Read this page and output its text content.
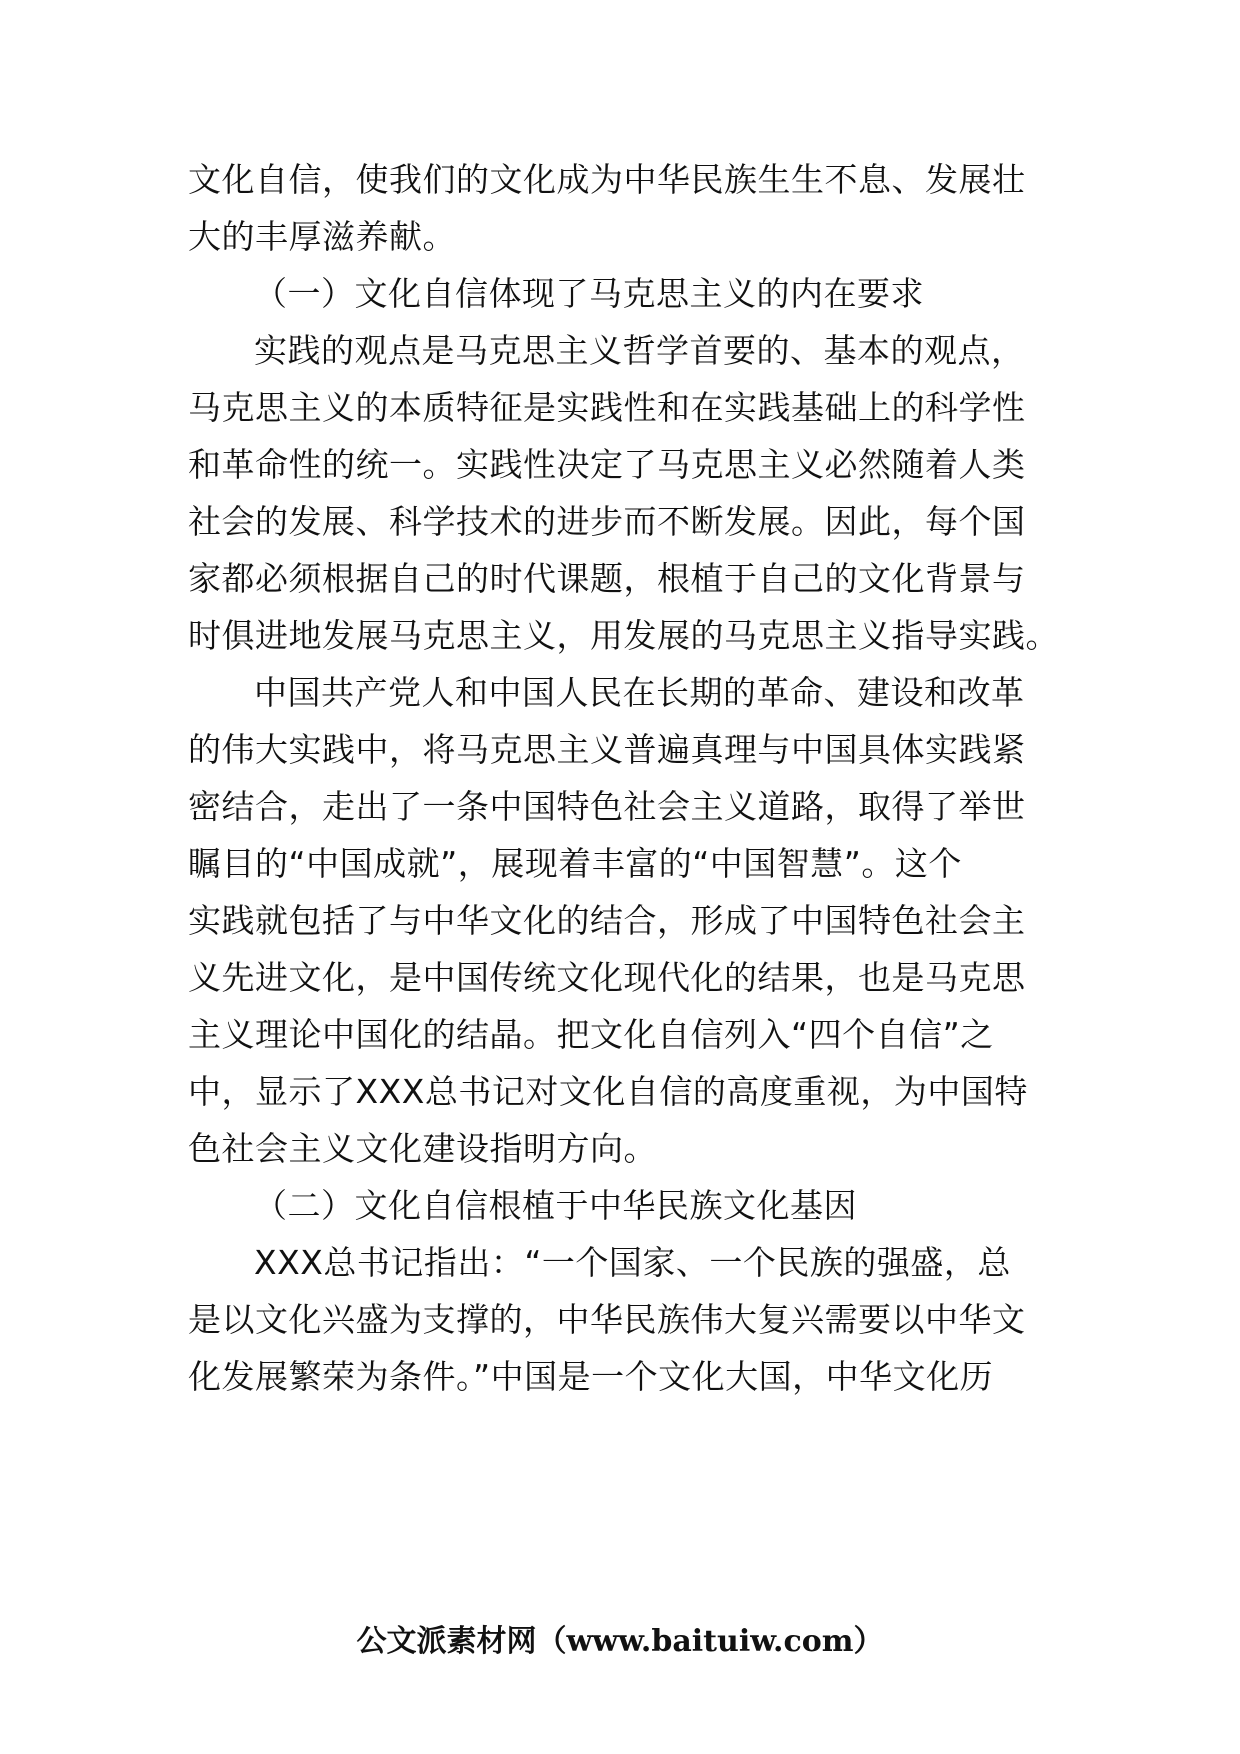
文化自信，使我们的文化成为中华民族生生不息、发展壮
大的丰厚滋养献。
（一）文化自信体现了马克思主义的内在要求
实践的观点是马克思主义哲学首要的、基本的观点，
马克思主义的本质特征是实践性和在实践基础上的科学性
和革命性的统一。实践性决定了马克思主义必然随着人类
社会的发展、科学技术的进步而不断发展。因此，每个国
家都必须根据自己的时代课题，根植于自己的文化背景与
时俱进地发展马克思主义，用发展的马克思主义指导实践。
中国共产党人和中国人民在长期的革命、建设和改革
的伟大实践中，将马克思主义普遍真理与中国具体实践紧
密结合，走出了一条中国特色社会主义道路，取得了举世
瞩目的“中国成就”，展现着丰富的“中国智慧”。这个
实践就包括了与中华文化的结合，形成了中国特色社会主
义先进文化，是中国传统文化现代化的结果，也是马克思
主义理论中国化的结晶。把文化自信列入“四个自信”之
中，显示了XXX总书记对文化自信的高度重视，为中国特
色社会主义文化建设指明方向。
（二）文化自信根植于中华民族文化基因
XXX总书记指出：“一个国家、一个民族的强盛，总
是以文化兴盛为支撑的，中华民族伟大复兴需要以中华文
化发展繁荣为条件。”中国是一个文化大国，中华文化历
公文派素材网（www.baituiw.com）
